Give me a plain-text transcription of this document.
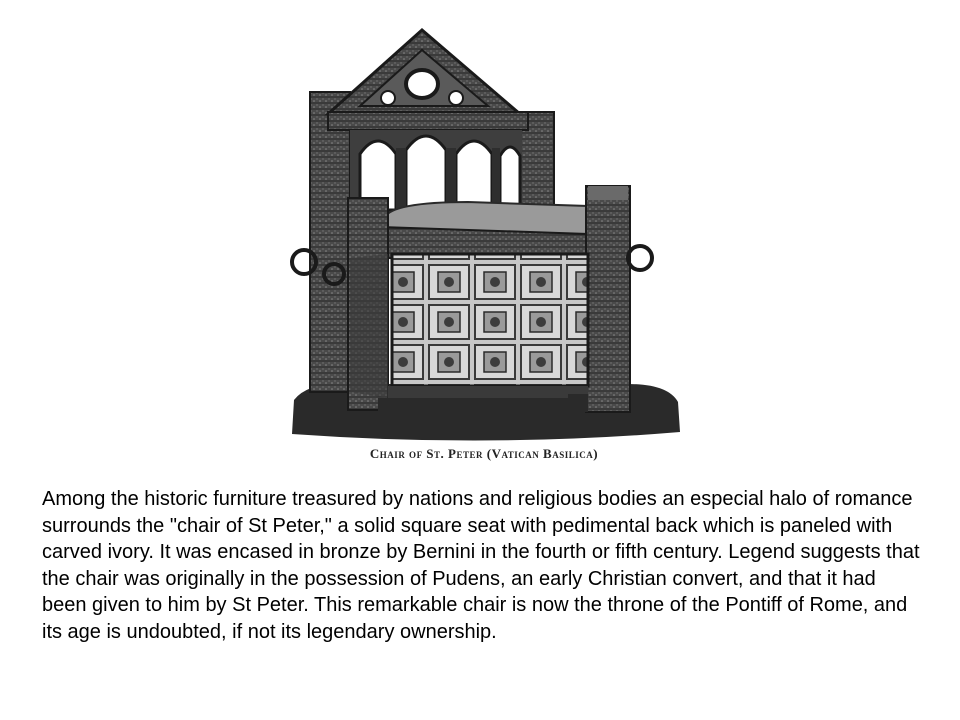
Chair of St. Peter (Vatican Basilica)

Among the historic furniture treasured by nations and religious bodies an especial halo of romance surrounds the "chair of St Peter," a solid square seat with pedimental back which is paneled with carved ivory. It was encased in bronze by Bernini in the fourth or fifth century. Legend suggests that the chair was originally in the possession of Pudens, an early Christian convert, and that it had been given to him by St Peter. This remarkable chair is now the throne of the Pontiff of Rome, and its age is undoubted, if not its legendary ownership.
